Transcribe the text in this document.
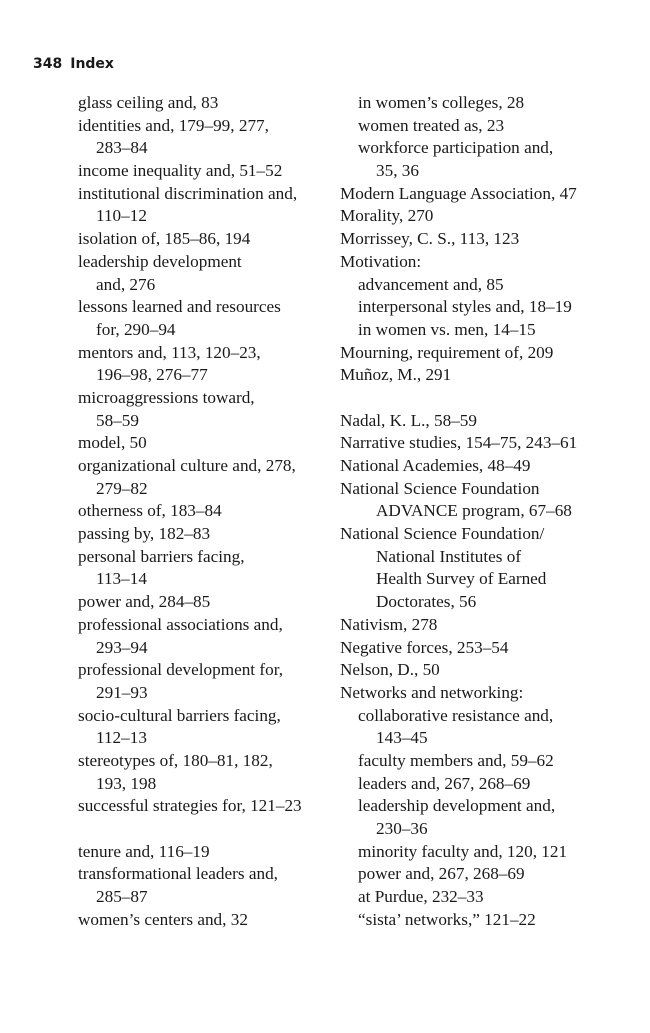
348 Index
glass ceiling and, 83
identities and, 179–99, 277,
283–84
income inequality and, 51–52
institutional discrimination and,
110–12
isolation of, 185–86, 194
leadership development
and, 276
lessons learned and resources
for, 290–94
mentors and, 113, 120–23,
196–98, 276–77
microaggressions toward,
58–59
model, 50
organizational culture and, 278,
279–82
otherness of, 183–84
passing by, 182–83
personal barriers facing,
113–14
power and, 284–85
professional associations and,
293–94
professional development for,
291–93
socio-cultural barriers facing,
112–13
stereotypes of, 180–81, 182,
193, 198
successful strategies for, 121–23
tenure and, 116–19
transformational leaders and,
285–87
women’s centers and, 32
in women’s colleges, 28
women treated as, 23
workforce participation and,
35, 36
Modern Language Association, 47
Morality, 270
Morrissey, C. S., 113, 123
Motivation:
advancement and, 85
interpersonal styles and, 18–19
in women vs. men, 14–15
Mourning, requirement of, 209
Muñoz, M., 291
Nadal, K. L., 58–59
Narrative studies, 154–75, 243–61
National Academies, 48–49
National Science Foundation
ADVANCE program, 67–68
National Science Foundation/
National Institutes of
Health Survey of Earned
Doctorates, 56
Nativism, 278
Negative forces, 253–54
Nelson, D., 50
Networks and networking:
collaborative resistance and,
143–45
faculty members and, 59–62
leaders and, 267, 268–69
leadership development and,
230–36
minority faculty and, 120, 121
power and, 267, 268–69
at Purdue, 232–33
“sista’ networks,” 121–22
